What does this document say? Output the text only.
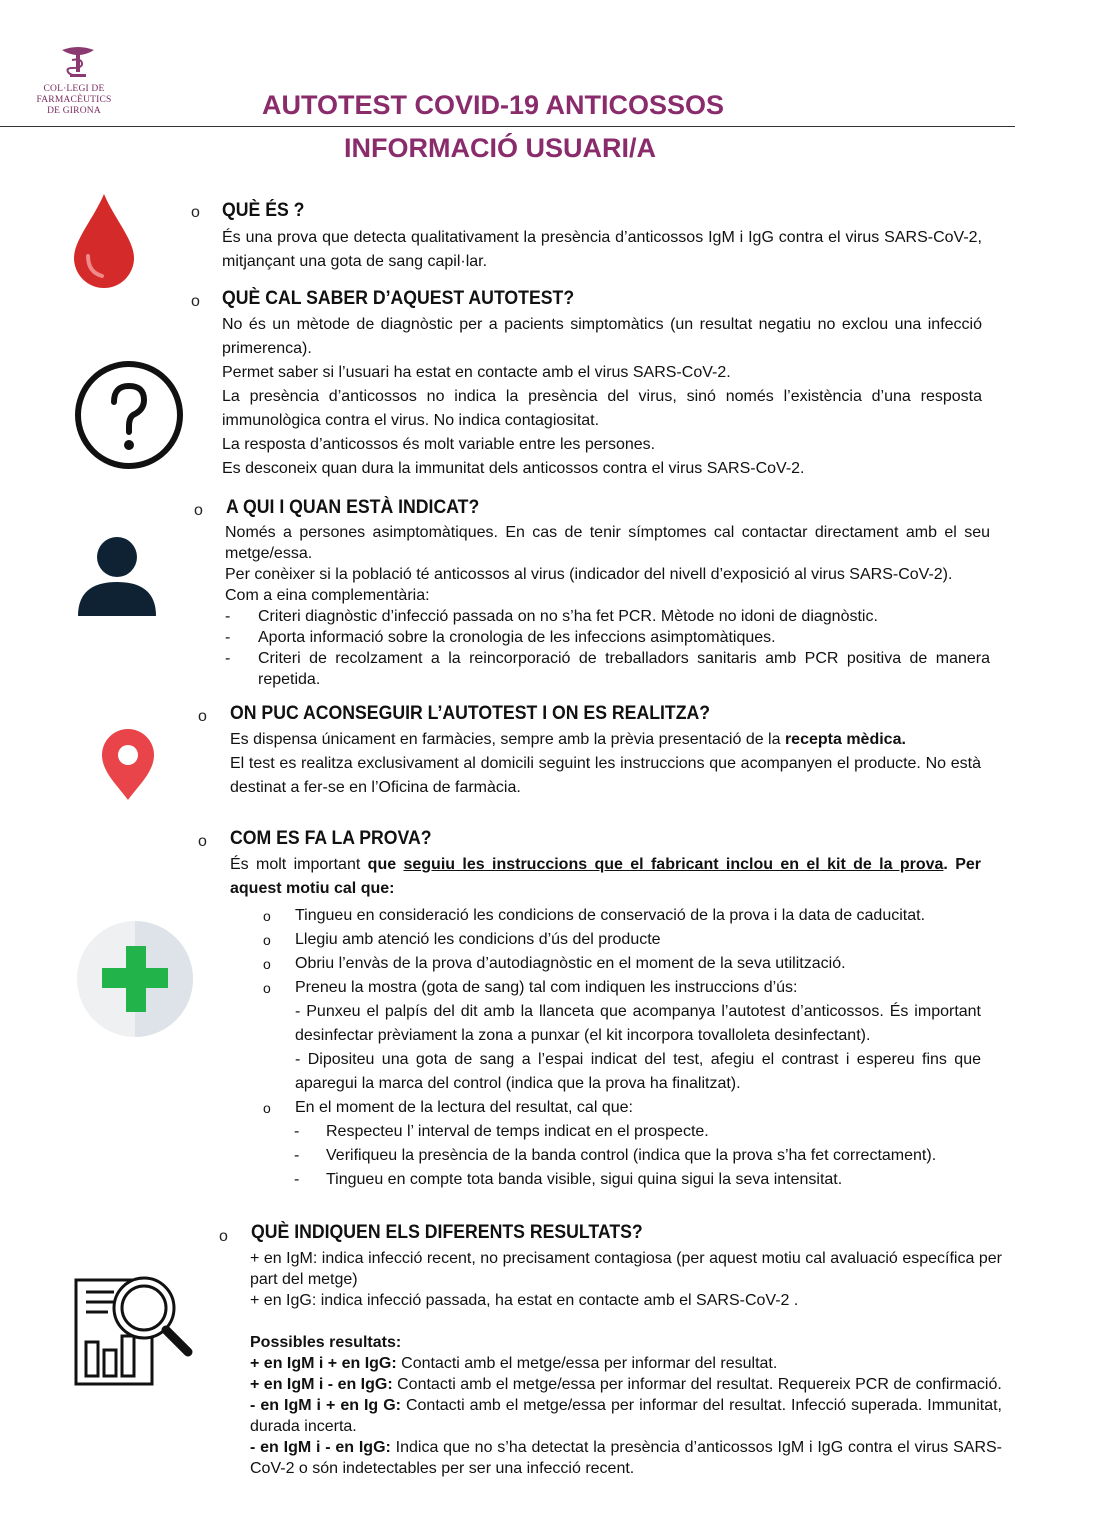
COL·LEGI DE FARMACÈUTICS
DE GIRONA	AUTOTEST COVID-19 ANTICOSSOS
INFORMACIÓ USUARI/A
o QUÈ ÉS ?
És una prova que detecta qualitativament la presència d’anticossos IgM i IgG contra el virus SARS-CoV-2, mitjançant una gota de sang capil·lar.
o QUÈ CAL SABER D’AQUEST AUTOTEST?
No és un mètode de diagnòstic per a pacients simptomàtics (un resultat negatiu no exclou una infecció primerenca).
Permet saber si l’usuari ha estat en contacte amb el virus SARS-CoV-2.
La presència d’anticossos no indica la presència del virus, sinó només l’existència d’una resposta immunològica contra el virus. No indica contagiositat.
La resposta d’anticossos és molt variable entre les persones.
Es desconeix quan dura la immunitat dels anticossos contra el virus SARS-CoV-2.
o A QUI I QUAN ESTÀ INDICAT?
Només a persones asimptomàtiques. En cas de tenir símptomes cal contactar directament amb el seu metge/essa.
Per conèixer si la població té anticossos al virus (indicador del nivell d’exposició al virus SARS-CoV-2).
Com a eina complementària:
- Criteri diagnòstic d’infecció passada on no s’ha fet PCR. Mètode no idoni de diagnòstic.
- Aporta informació sobre la cronologia de les infeccions asimptomàtiques.
- Criteri de recolzament a la reincorporació de treballadors sanitaris amb PCR positiva de manera repetida.
o ON PUC ACONSEGUIR L’AUTOTEST I ON ES REALITZA?
Es dispensa únicament en farmàcies, sempre amb la prèvia presentació de la recepta mèdica.
El test es realitza exclusivament al domicili seguint les instruccions que acompanyen el producte. No està destinat a fer-se en l’Oficina de farmàcia.
o COM ES FA LA PROVA?
És molt important que seguiu les instruccions que el fabricant inclou en el kit de la prova. Per aquest motiu cal que:
o Tingueu en consideració les condicions de conservació de la prova i la data de caducitat.
o Llegiu amb atenció les condicions d’ús del producte
o Obriu l’envàs de la prova d’autodiagnòstic en el moment de la seva utilització.
o Preneu la mostra (gota de sang) tal com indiquen les instruccions d’ús:
- Punxeu el palpís del dit amb la llanceta que acompanya l’autotest d’anticossos. És important desinfectar prèviament la zona a punxar (el kit incorpora tovalloleta desinfectant).
- Dipositeu una gota de sang a l’espai indicat del test, afegiu el contrast i espereu fins que aparegui la marca del control (indica que la prova ha finalitzat).
o En el moment de la lectura del resultat, cal que:
- Respecteu l’ interval de temps indicat en el prospecte.
- Verifiqueu la presència de la banda control (indica que la prova s’ha fet correctament).
- Tingueu en compte tota banda visible, sigui quina sigui la seva intensitat.
o QUÈ INDIQUEN ELS DIFERENTS RESULTATS?
+ en IgM: indica infecció recent, no precisament contagiosa (per aquest motiu cal avaluació específica per part del metge)
+ en IgG: indica infecció passada, ha estat en contacte amb el SARS-CoV-2 .
Possibles resultats:
+ en IgM i + en IgG: Contacti amb el metge/essa per informar del resultat.
+ en IgM i - en IgG: Contacti amb el metge/essa per informar del resultat. Requereix PCR de confirmació.
- en IgM i + en Ig G: Contacti amb el metge/essa per informar del resultat. Infecció superada. Immunitat, durada incerta.
- en IgM i - en IgG: Indica que no s’ha detectat la presència d’anticossos IgM i IgG contra el virus SARS-CoV-2 o són indetectables per ser una infecció recent.
